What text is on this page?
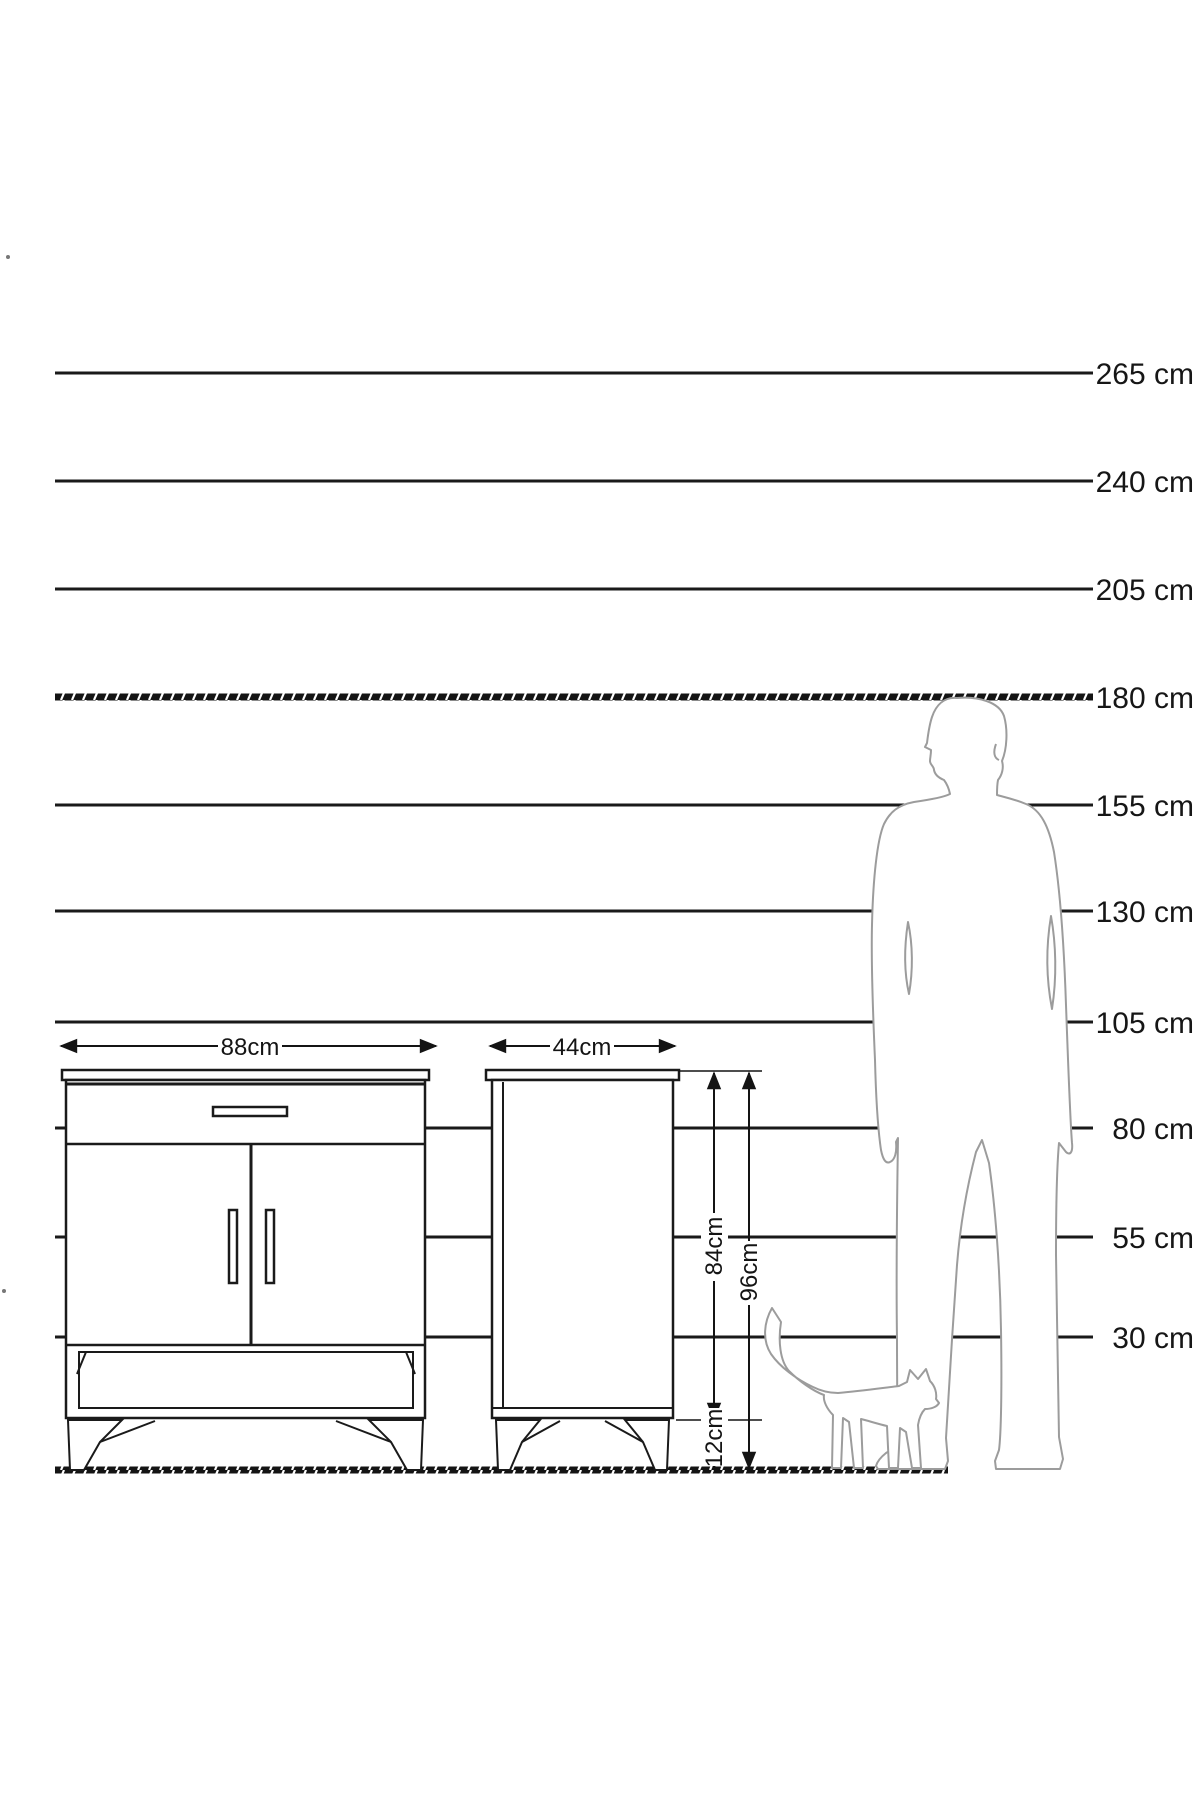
265 cm
240 cm
205 cm
180 cm
155 cm
130 cm
105 cm
80 cm
55 cm
30 cm
88cm	44cm
84cm 96cm
12cm
